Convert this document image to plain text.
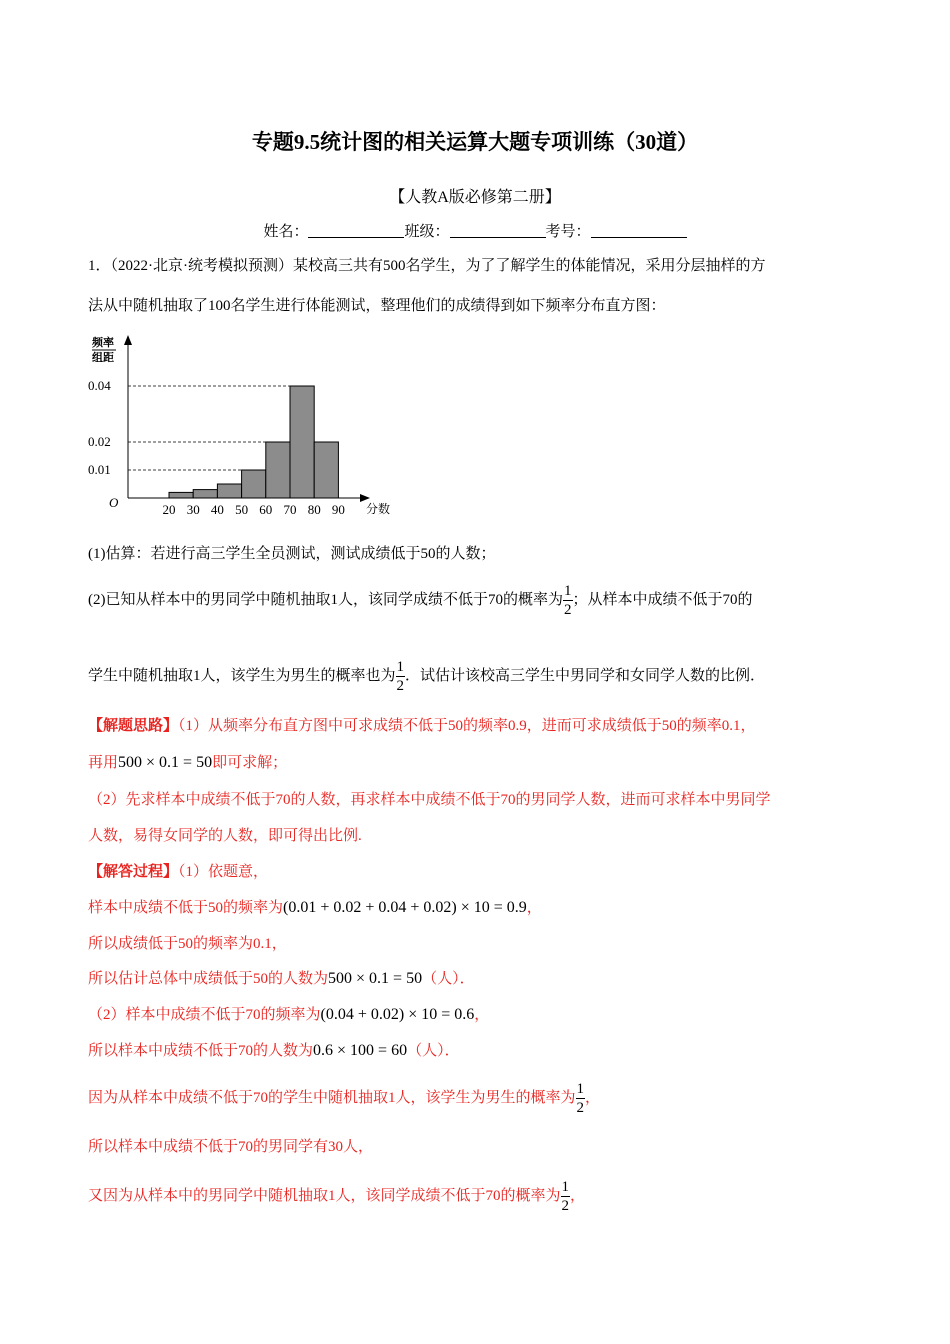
专题9.5统计图的相关运算大题专项训练（30道）
【人教A版必修第二册】
姓名：	班级：	考号：
1．（2022·北京·统考模拟预测）某校高三共有500名学生，为了了解学生的体能情况，采用分层抽样的方
法从中随机抽取了100名学生进行体能测试，整理他们的成绩得到如下频率分布直方图：
频率
组距
0.01
0.02
0.04
20 30 40 50 60 70 80 90
O	分数
(1)估算：若进行高三学生全员测试，测试成绩低于50的人数；
(2)已知从样本中的男同学中随机抽取1人，该同学成绩不低于70的概率为 $\frac{1}{2}$ ；从样本中成绩不低于70的
学生中随机抽取1人，该学生为男生的概率也为 $\frac{1}{2}$ ．试估计该校高三学生中男同学和女同学人数的比例．
【解题思路】（1）从频率分布直方图中可求成绩不低于50的频率0.9，进而可求成绩低于50的频率0.1，
再用500 × 0.1 = 50即可求解；
（2）先求样本中成绩不低于70的人数，再求样本中成绩不低于70的男同学人数，进而可求样本中男同学
人数，易得女同学的人数，即可得出比例.
【解答过程】（1）依题意，
样本中成绩不低于50的频率为(0.01 + 0.02 + 0.04 + 0.02) × 10 = 0.9，
所以成绩低于50的频率为0.1，
所以估计总体中成绩低于50的人数为500 × 0.1 = 50（人）．
（2）样本中成绩不低于70的频率为(0.04 + 0.02) × 10 = 0.6，
所以样本中成绩不低于70的人数为0.6 × 100 = 60（人）．
因为从样本中成绩不低于70的学生中随机抽取1人，该学生为男生的概率为 $\frac{1}{2}$ ，
所以样本中成绩不低于70的男同学有30人，
又因为从样本中的男同学中随机抽取1人，该同学成绩不低于70的概率为 $\frac{1}{2}$ ，
